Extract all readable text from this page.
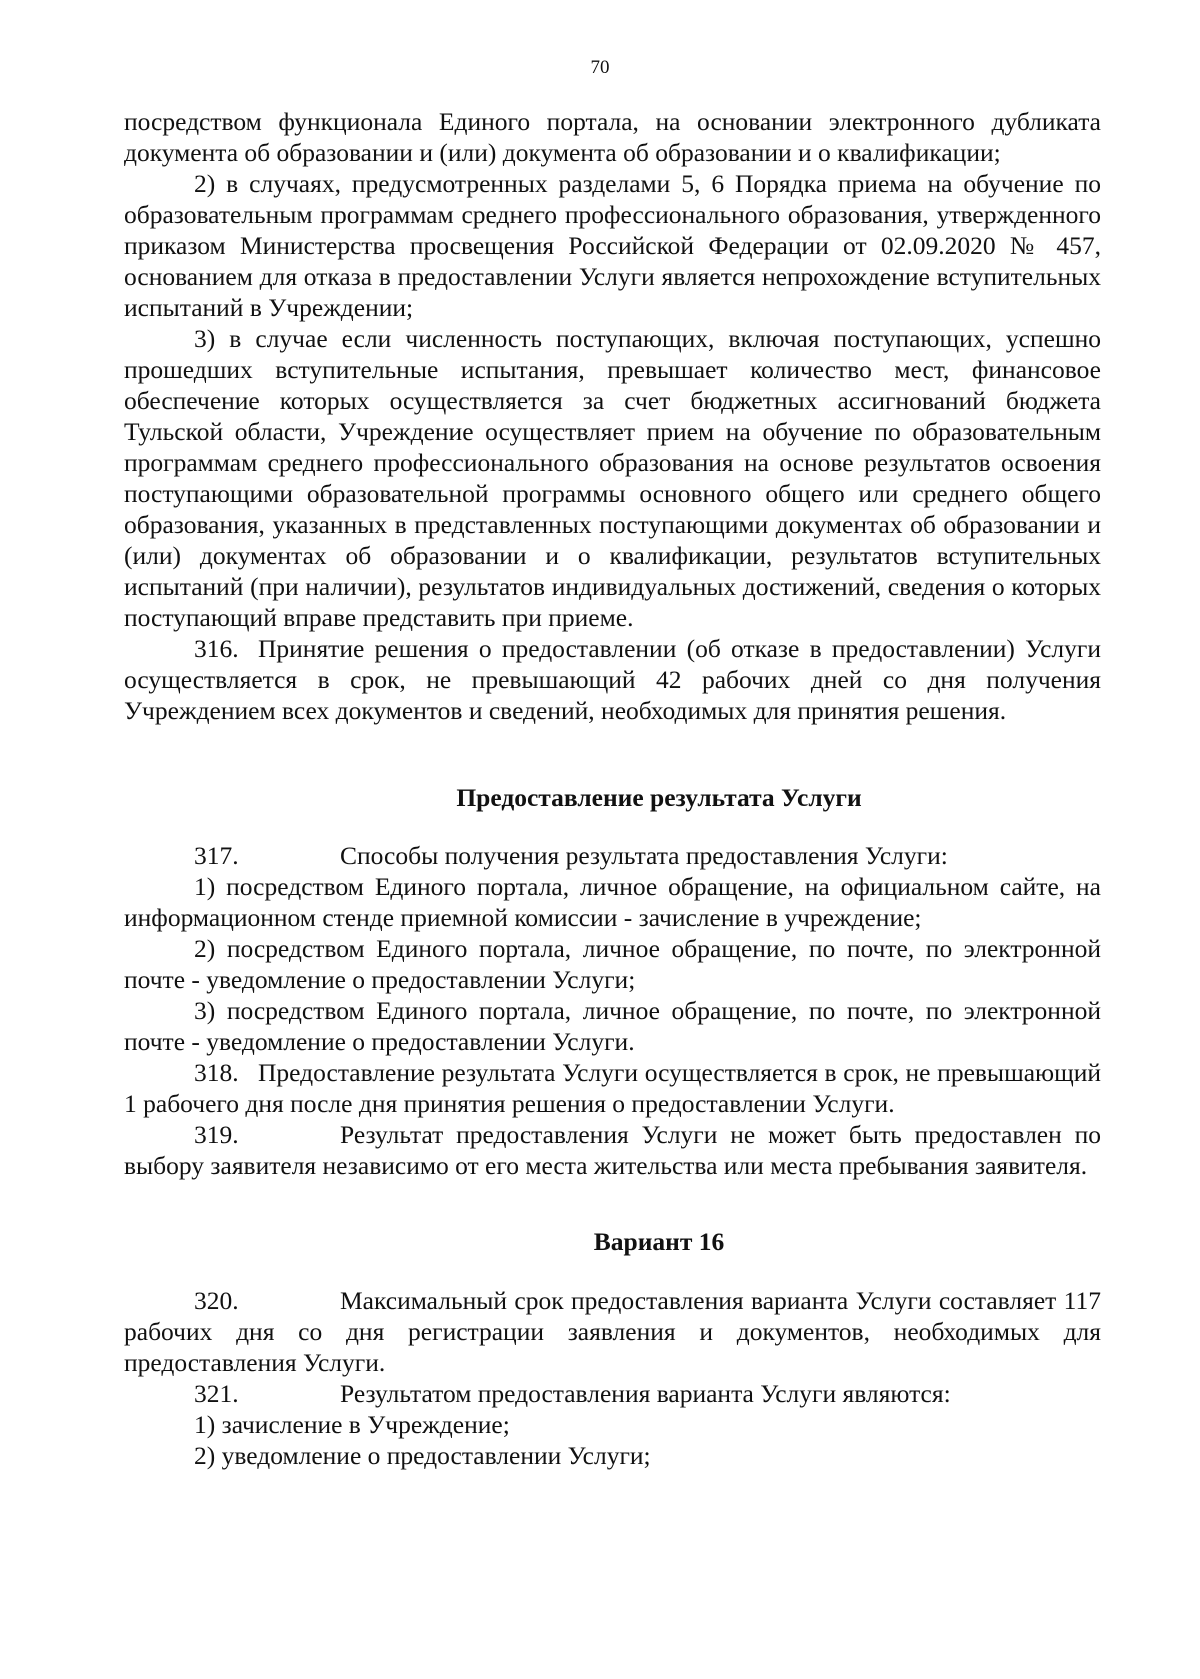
70

посредством функционала Единого портала, на основании электронного дубликата документа об образовании и (или) документа об образовании и о квалификации;

2) в случаях, предусмотренных разделами 5, 6 Порядка приема на обучение по образовательным программам среднего профессионального образования, утвержденного приказом Министерства просвещения Российской Федерации от 02.09.2020 № 457, основанием для отказа в предоставлении Услуги является непрохождение вступительных испытаний в Учреждении;

3) в случае если численность поступающих, включая поступающих, успешно прошедших вступительные испытания, превышает количество мест, финансовое обеспечение которых осуществляется за счет бюджетных ассигнований бюджета Тульской области, Учреждение осуществляет прием на обучение по образовательным программам среднего профессионального образования на основе результатов освоения поступающими образовательной программы основного общего или среднего общего образования, указанных в представленных поступающими документах об образовании и (или) документах об образовании и о квалификации, результатов вступительных испытаний (при наличии), результатов индивидуальных достижений, сведения о которых поступающий вправе представить при приеме.

316. Принятие решения о предоставлении (об отказе в предоставлении) Услуги осуществляется в срок, не превышающий 42 рабочих дней со дня получения Учреждением всех документов и сведений, необходимых для принятия решения.

Предоставление результата Услуги

317.	Способы получения результата предоставления Услуги:

1) посредством Единого портала, личное обращение, на официальном сайте, на информационном стенде приемной комиссии - зачисление в учреждение;

2) посредством Единого портала, личное обращение, по почте, по электронной почте - уведомление о предоставлении Услуги;

3) посредством Единого портала, личное обращение, по почте, по электронной почте - уведомление о предоставлении Услуги.

318. Предоставление результата Услуги осуществляется в срок, не превышающий 1 рабочего дня после дня принятия решения о предоставлении Услуги.

319.	Результат предоставления Услуги не может быть предоставлен по выбору заявителя независимо от его места жительства или места пребывания заявителя.

Вариант 16

320.	Максимальный срок предоставления варианта Услуги составляет 117 рабочих дня со дня регистрации заявления и документов, необходимых для предоставления Услуги.

321.	Результатом предоставления варианта Услуги являются:

1) зачисление в Учреждение;

2) уведомление о предоставлении Услуги;
